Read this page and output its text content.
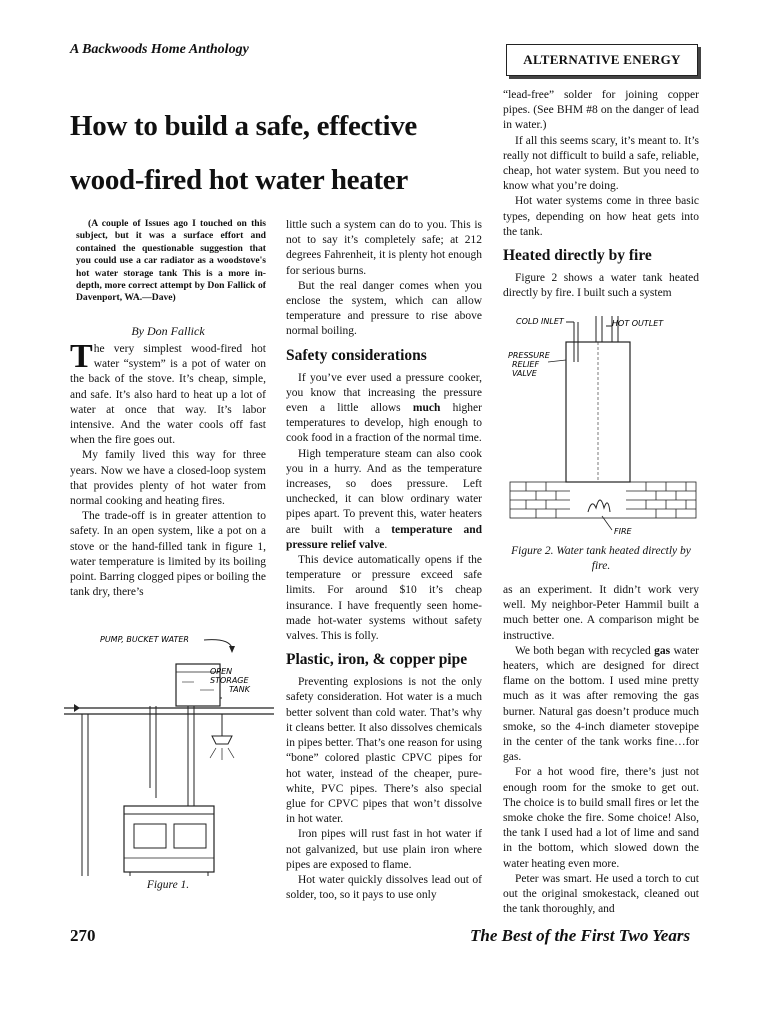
A Backwoods Home Anthology
ALTERNATIVE ENERGY
How to build a safe, effective
wood-fired hot water heater

(A couple of Issues ago I touched on this subject, but it was a surface effort and contained the questionable suggestion that you could use a car radiator as a woodstove's hot water storage tank This is a more in-depth, more correct attempt by Don Fallick of Davenport, WA.—Dave)

By Don Fallick

The very simplest wood-fired hot water “system” is a pot of water on the back of the stove. It’s cheap, simple, and safe. It’s also hard to heat up a lot of water at once that way. It’s labor intensive. And the water cools off fast when the fire goes out.

My family lived this way for three years. Now we have a closed-loop system that provides plenty of hot water from normal cooking and heating fires.

The trade-off is in greater attention to safety. In an open system, like a pot on a stove or the hand-filled tank in figure 1, water temperature is limited by its boiling point. Barring clogged pipes or boiling the tank dry, there’s

PUMP, BUCKET WATER
OPEN
STORAGE
TANK
Figure 1.

little such a system can do to you. This is not to say it’s completely safe; at 212 degrees Fahrenheit, it is plenty hot enough for serious burns.

But the real danger comes when you enclose the system, which can allow temperature and pressure to rise above normal boiling.

Safety considerations

If you’ve ever used a pressure cooker, you know that increasing the pressure even a little allows much higher temperatures to develop, high enough to cook food in a fraction of the normal time.

High temperature steam can also cook you in a hurry. And as the temperature increases, so does pressure. Left unchecked, it can blow ordinary water pipes apart. To prevent this, water heaters are built with a temperature and pressure relief valve.

This device automatically opens if the temperature or pressure exceed safe limits. For around $10 it’s cheap insurance. I have frequently seen home-made hot-water systems without safety valves. This is folly.

Plastic, iron, & copper pipe

Preventing explosions is not the only safety consideration. Hot water is a much better solvent than cold water. That’s why it cleans better. It also dissolves chemicals in pipes better. That’s one reason for using “bone” colored plastic CPVC pipes for hot water, instead of the cheaper, pure-white, PVC pipes. There’s also special glue for CPVC pipes that won’t dissolve in hot water.

Iron pipes will rust fast in hot water if not galvanized, but use plain iron where pipes are exposed to flame.

Hot water quickly dissolves lead out of solder, too, so it pays to use only

“lead-free” solder for joining copper pipes. (See BHM #8 on the danger of lead in water.)

If all this seems scary, it’s meant to. It’s really not difficult to build a safe, reliable, cheap, hot water system. But you need to know what you’re doing.

Hot water systems come in three basic types, depending on how heat gets into the tank.

Heated directly by fire

Figure 2 shows a water tank heated directly by fire. I built such a system

COLD INLET	HOT OUTLET
PRESSURE
RELIEF
VALVE
FIRE
Figure 2. Water tank heated directly by fire.

as an experiment. It didn’t work very well. My neighbor-Peter Hammil built a much better one. A comparison might be instructive.

We both began with recycled gas water heaters, which are designed for direct flame on the bottom. I used mine pretty much as it was after removing the gas burner. Natural gas doesn’t produce much smoke, so the 4-inch diameter stovepipe in the center of the tank works fine…for gas.

For a hot wood fire, there’s just not enough room for the smoke to get out. The choice is to build small fires or let the smoke choke the fire. Some choice! Also, the tank I used had a lot of lime and sand in the bottom, which slowed down the water heating even more.

Peter was smart. He used a torch to cut out the original smokestack, cleaned out the tank thoroughly, and

270	The Best of the First Two Years
